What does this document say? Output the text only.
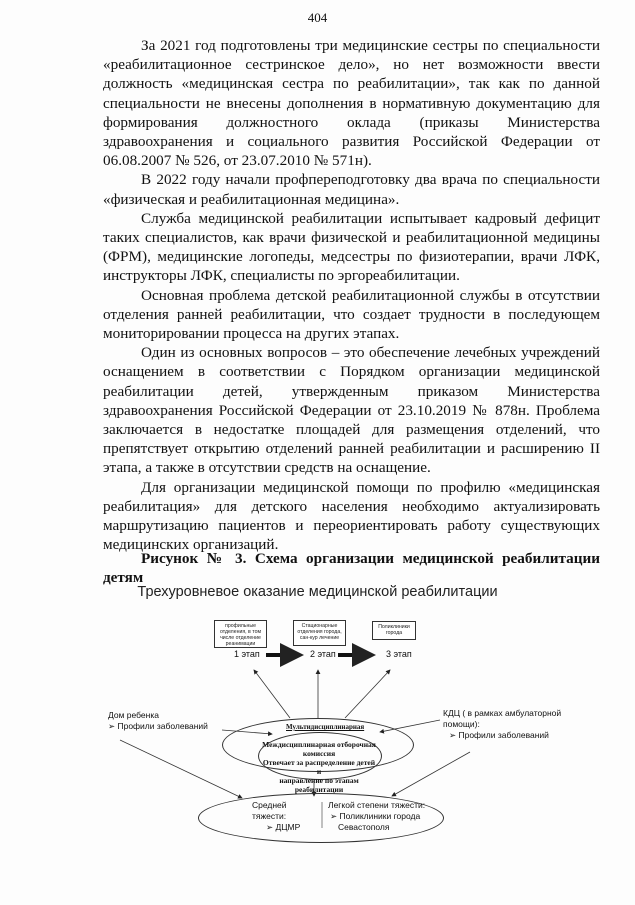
404

За 2021 год подготовлены три медицинские сестры по специальности «реабилитационное сестринское дело», но нет возможности ввести должность «медицинская сестра по реабилитации», так как по данной специальности не внесены дополнения в нормативную документацию для формирования должностного оклада (приказы Министерства здравоохранения и социального развития Российской Федерации от 06.08.2007 № 526, от 23.07.2010 № 571н).

В 2022 году начали профпереподготовку два врача по специальности «физическая и реабилитационная медицина».

Служба медицинской реабилитации испытывает кадровый дефицит таких специалистов, как врачи физической и реабилитационной медицины (ФРМ), медицинские логопеды, медсестры по физиотерапии, врачи ЛФК, инструкторы ЛФК, специалисты по эргореабилитации.

Основная проблема детской реабилитационной службы в отсутствии отделения ранней реабилитации, что создает трудности в последующем мониторировании процесса на других этапах.

Один из основных вопросов – это обеспечение лечебных учреждений оснащением в соответствии с Порядком организации медицинской реабилитации детей, утвержденным приказом Министерства здравоохранения Российской Федерации от 23.10.2019 № 878н. Проблема заключается в недостатке площадей для размещения отделений, что препятствует открытию отделений ранней реабилитации и расширению II этапа, а также в отсутствии средств на оснащение.

Для организации медицинской помощи по профилю «медицинская реабилитация» для детского населения необходимо актуализировать маршрутизацию пациентов и переориентировать работу существующих медицинских организаций.

Рисунок № 3. Схема организации медицинской реабилитации детям

Трехуровневое оказание медицинской реабилитации
профильные отделения, в том числе отделение реанимации
Стационарные отделения города, сан-кур лечение
Поликлиники города
1 этап	2 этап	3 этап
Дом ребенка
➢ Профили заболеваний
КДЦ ( в рамках амбулаторной помощи):
➢ Профили заболеваний
Мультидисциплинарная
Междисциплинарная отборочная
комиссия
Отвечает за распределение детей и
направление по этапам реабилитации
Средней тяжести:
➢ ДЦМР
Легкой степени тяжести:
➢ Поликлиники города
Севастополя
